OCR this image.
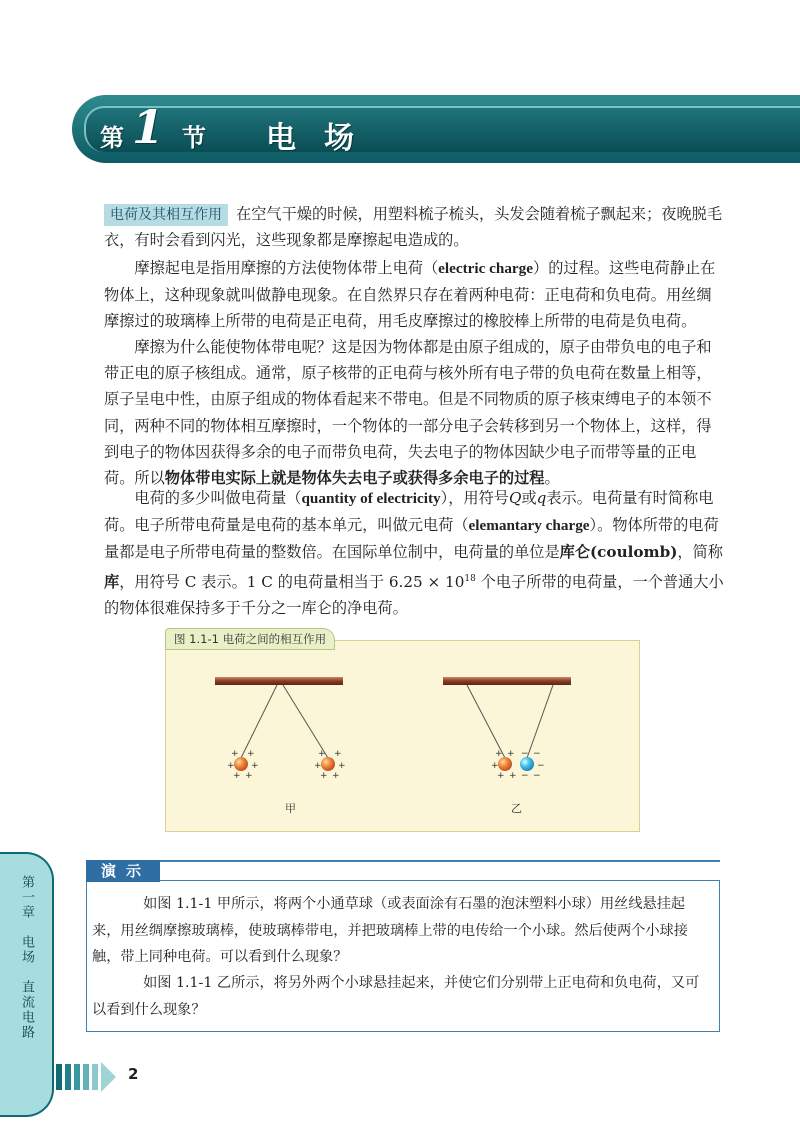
第 1 节 电场

电荷及其相互作用 在空气干燥的时候，用塑料梳子梳头，头发会随着梳子飘起来；夜晚脱毛衣，有时会看到闪光，这些现象都是摩擦起电造成的。

摩擦起电是指用摩擦的方法使物体带上电荷（electric charge）的过程。这些电荷静止在物体上，这种现象就叫做静电现象。在自然界只存在着两种电荷：正电荷和负电荷。用丝绸摩擦过的玻璃棒上所带的电荷是正电荷，用毛皮摩擦过的橡胶棒上所带的电荷是负电荷。

摩擦为什么能使物体带电呢？这是因为物体都是由原子组成的，原子由带负电的电子和带正电的原子核组成。通常，原子核带的正电荷与核外所有电子带的负电荷在数量上相等，原子呈电中性，由原子组成的物体看起来不带电。但是不同物质的原子核束缚电子的本领不同，两种不同的物体相互摩擦时，一个物体的一部分电子会转移到另一个物体上，这样，得到电子的物体因获得多余的电子而带负电荷，失去电子的物体因缺少电子而带等量的正电荷。所以物体带电实际上就是物体失去电子或获得多余电子的过程。

电荷的多少叫做电荷量（quantity of electricity），用符号Q或q表示。电荷量有时简称电荷。电子所带电荷量是电荷的基本单元，叫做元电荷（elemantary charge）。物体所带的电荷量都是电子所带电荷量的整数倍。在国际单位制中，电荷量的单位是库仑(coulomb)，简称库，用符号 C 表示。1 C 的电荷量相当于 $6.25 \times 10^{18}$ 个电子所带的电荷量，一个普通大小的物体很难保持多于千分之一库仑的净电荷。

+ +
+ +
+ +
+ +
+ +
+ +
甲
+ +
+
+ +
− −
−
− −
乙
图 1.1-1 电荷之间的相互作用
演示

如图 1.1-1 甲所示，将两个小通草球（或表面涂有石墨的泡沫塑料小球）用丝线悬挂起来，用丝绸摩擦玻璃棒，使玻璃棒带电，并把玻璃棒上带的电传给一个小球。然后使两个小球接触，带上同种电荷。可以看到什么现象？

如图 1.1-1 乙所示，将另外两个小球悬挂起来，并使它们分别带上正电荷和负电荷，又可以看到什么现象？

第一章　电场　直流电路
2
